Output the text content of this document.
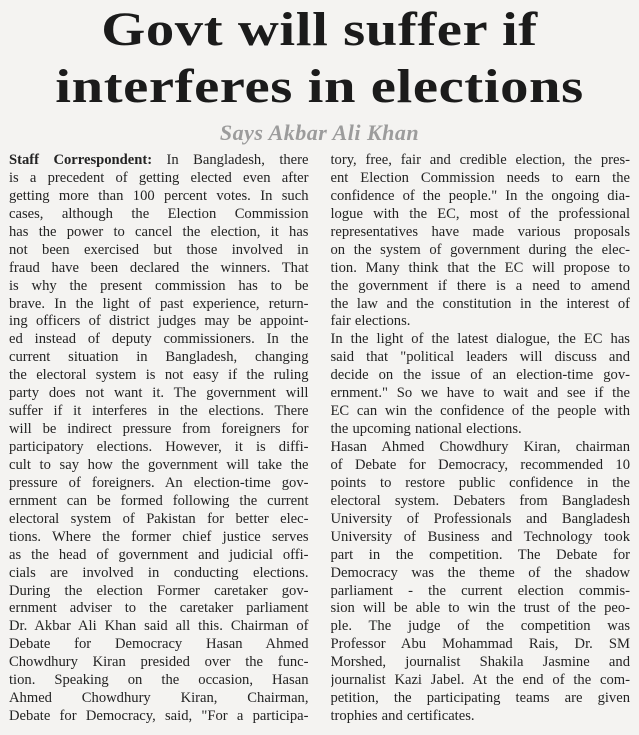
Govt will suffer if
interferes in elections
Says Akbar Ali Khan
Staff Correspondent: In Bangladesh, there
is a precedent of getting elected even after
getting more than 100 percent votes. In such
cases, although the Election Commission
has the power to cancel the election, it has
not been exercised but those involved in
fraud have been declared the winners. That
is why the present commission has to be
brave. In the light of past experience, return-
ing officers of district judges may be appoint-
ed instead of deputy commissioners. In the
current situation in Bangladesh, changing
the electoral system is not easy if the ruling
party does not want it. The government will
suffer if it interferes in the elections. There
will be indirect pressure from foreigners for
participatory elections. However, it is diffi-
cult to say how the government will take the
pressure of foreigners. An election-time gov-
ernment can be formed following the current
electoral system of Pakistan for better elec-
tions. Where the former chief justice serves
as the head of government and judicial offi-
cials are involved in conducting elections.
During the election Former caretaker gov-
ernment adviser to the caretaker parliament
Dr. Akbar Ali Khan said all this. Chairman of
Debate for Democracy Hasan Ahmed
Chowdhury Kiran presided over the func-
tion. Speaking on the occasion, Hasan
Ahmed Chowdhury Kiran, Chairman,
Debate for Democracy, said, "For a participa-
tory, free, fair and credible election, the pres-
ent Election Commission needs to earn the
confidence of the people." In the ongoing dia-
logue with the EC, most of the professional
representatives have made various proposals
on the system of government during the elec-
tion. Many think that the EC will propose to
the government if there is a need to amend
the law and the constitution in the interest of
fair elections.
In the light of the latest dialogue, the EC has
said that "political leaders will discuss and
decide on the issue of an election-time gov-
ernment." So we have to wait and see if the
EC can win the confidence of the people with
the upcoming national elections.
Hasan Ahmed Chowdhury Kiran, chairman
of Debate for Democracy, recommended 10
points to restore public confidence in the
electoral system. Debaters from Bangladesh
University of Professionals and Bangladesh
University of Business and Technology took
part in the competition. The Debate for
Democracy was the theme of the shadow
parliament - the current election commis-
sion will be able to win the trust of the peo-
ple. The judge of the competition was
Professor Abu Mohammad Rais, Dr. SM
Morshed, journalist Shakila Jasmine and
journalist Kazi Jabel. At the end of the com-
petition, the participating teams are given
trophies and certificates.
